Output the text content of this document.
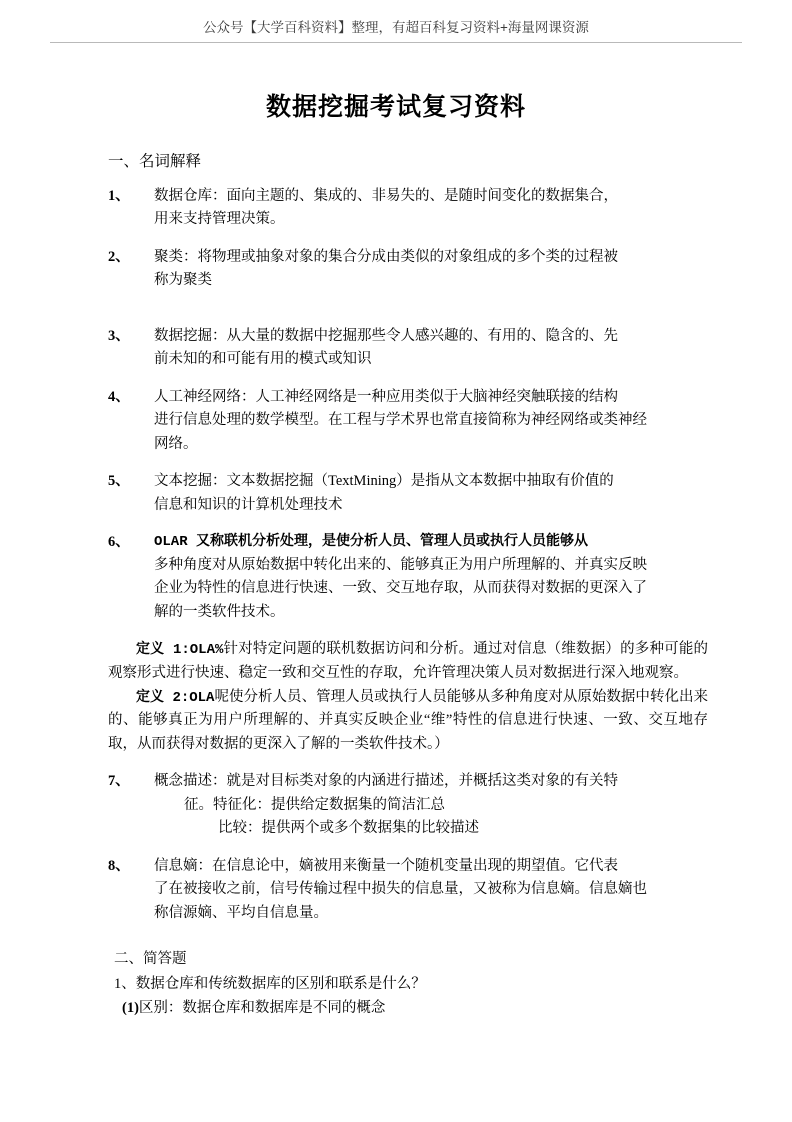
公众号【大学百科资料】整理，有超百科复习资料+海量网课资源
数据挖掘考试复习资料
一、名词解释
1、	数据仓库：面向主题的、集成的、非易失的、是随时间变化的数据集合，

用来支持管理决策。

2、	聚类：将物理或抽象对象的集合分成由类似的对象组成的多个类的过程被

称为聚类

3、	数据挖掘：从大量的数据中挖掘那些令人感兴趣的、有用的、隐含的、先

前未知的和可能有用的模式或知识

4、	人工神经网络：人工神经网络是一种应用类似于大脑神经突触联接的结构

进行信息处理的数学模型。在工程与学术界也常直接简称为神经网络或类神经

网络。

5、	文本挖掘：文本数据挖掘（TextMining）是指从文本数据中抽取有价值的

信息和知识的计算机处理技术

6、	OLAR 又称联机分析处理，是使分析人员、管理人员或执行人员能够从

多种角度对从原始数据中转化出来的、能够真正为用户所理解的、并真实反映

企业为特性的信息进行快速、一致、交互地存取，从而获得对数据的更深入了

解的一类软件技术。

定义 1:OLA%针对特定问题的联机数据访问和分析。通过对信息（维数据）的多种可能的观察形式进行快速、稳定一致和交互性的存取，允许管理决策人员对数据进行深入地观察。

定义 2:OLA呢使分析人员、管理人员或执行人员能够从多种角度对从原始数据中转化出来的、能够真正为用户所理解的、并真实反映企业“维”特性的信息进行快速、一致、交互地存取，从而获得对数据的更深入了解的一类软件技术。）

7、	概念描述：就是对目标类对象的内涵进行描述，并概括这类对象的有关特

征。特征化：提供给定数据集的简洁汇总

比较：提供两个或多个数据集的比较描述

8、	信息嫡：在信息论中，嫡被用来衡量一个随机变量出现的期望值。它代表

了在被接收之前，信号传输过程中损失的信息量，又被称为信息嫡。信息嫡也

称信源嫡、平均自信息量。

二、简答题

1、数据仓库和传统数据库的区别和联系是什么？

(1)区别：数据仓库和数据库是不同的概念
